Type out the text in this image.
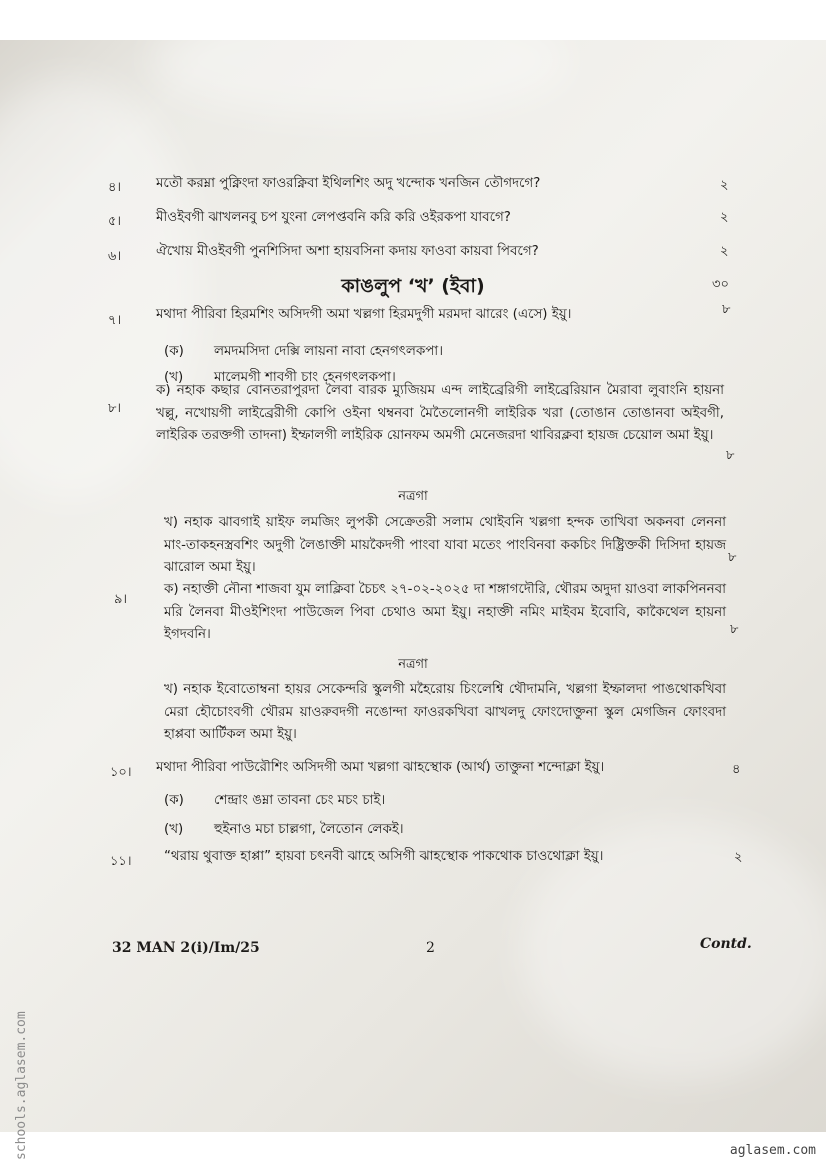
৪।	মতৌ করম্না পুক্নিংদা ফাওরক্নিবা ইথিলশিং অদু খন্দোক খনজিন তৌগদগে?	২
৫।	মীওইবগী ঝাখলনবু চপ যুংনা লেপপ্তবনি করি করি ওইরকপা যাবগে?	২
৬।	ঐখোয় মীওইবগী পুনশিসিদা অশা হায়বসিনা কদায় ফাওবা কায়বা পিবগে?	২
কাঙলুপ ‘খ’ (ইবা)	৩০
৭।	মথাদা পীরিবা হিরমশিং অসিদগী অমা খল্লগা হিরমদুগী মরমদা ঝারেং (এসে) ইয়ু।	৮
(ক) লমদমসিদা দেক্সি লায়না নাবা হেনগৎলকপা।
(খ) মালেমগী শাবগী চাং হেনগৎলকপা।
৮।
ক) নহাক কছার বোনতরাপুরদা লৈবা বারক ম্যুজিয়ম এন্দ লাইব্রেরিগী লাইব্রেরিয়ান মৈরাবা লুবাংনি হায়না খল্লু, নখোয়গী লাইব্রেরীগী কোপি ওইনা থম্বনবা মৈতৈলোনগী লাইরিক খরা (তোঙান তোঙানবা অইবগী, লাইরিক তরক্তগী তাদনা) ইম্ফালগী লাইরিক য়োনফম অমগী মেনেজরদা থাবিরক্লবা হায়জ চেয়োল অমা ইয়ু।
৮
নত্রগা
খ) নহাক ঝাবগাই য়াইফ লমজিং লুপকী সেক্রেতরী সলাম থোইবনি খল্লগা হন্দক তাখিবা অকনবা লেননা মাং-তাকহনস্ত্রবশিং অদুগী লৈঙাক্তী মায়কৈদগী পাংবা যাবা মতেং পাংবিনবা ককচিং দিষ্ট্রিক্তকী দিসিদা হায়জ ঝারোল অমা ইয়ু।
৮
৯।
ক) নহাক্তী নৌনা শাজবা যুম লাক্লিবা চৈচৎ ২৭-০২-২০২৫ দা শঙ্গাগদৌরি, থৌরম অদুদা য়াওবা লাকপিননবা মরি লৈনবা মীওইশিংদা পাউজেল পিবা চেথাও অমা ইয়ু। নহাক্তী নমিং মাইবম ইবোবি, কাকৈথেল হায়না ইগদবনি।	৮
নত্রগা
খ) নহাক ইবোতোম্বনা হায়র সেকেন্দরি স্কুলগী মহৈরোয় চিংলেশ্বি থৌদামনি, খল্লগা ইম্ফালদা পাঙথোকখিবা মেরা হৌচোংবগী থৌরম য়াওরুবদগী নঙোন্দা ফাওরকখিবা ঝাখলদু ফোংদোক্তুনা স্কুল মেগজিন ফোংবদা হাপ্পবা আর্টিকল অমা ইয়ু।
১০। মথাদা পীরিবা পাউরৌশিং অসিদগী অমা খল্লগা ঝাহস্থোক (আর্থ) তাক্তুনা শন্দোক্লা ইয়ু।	৪
(ক) শেন্দ্রাং ঙম্না তাবনা চেং মচং চাই।
(খ) হুইনাও মচা চাল্লগা, লৈতোন লেকই।
১১। “থরায় থুবাক্ত হাপ্পা” হায়বা চৎনবী ঝাহে অসিগী ঝাহস্থোক পাকথোক চাওথোক্লা ইয়ু।	২
32 MAN 2(i)/Im/25	2	Contd.
schools.aglasem.com	aglasem.com
